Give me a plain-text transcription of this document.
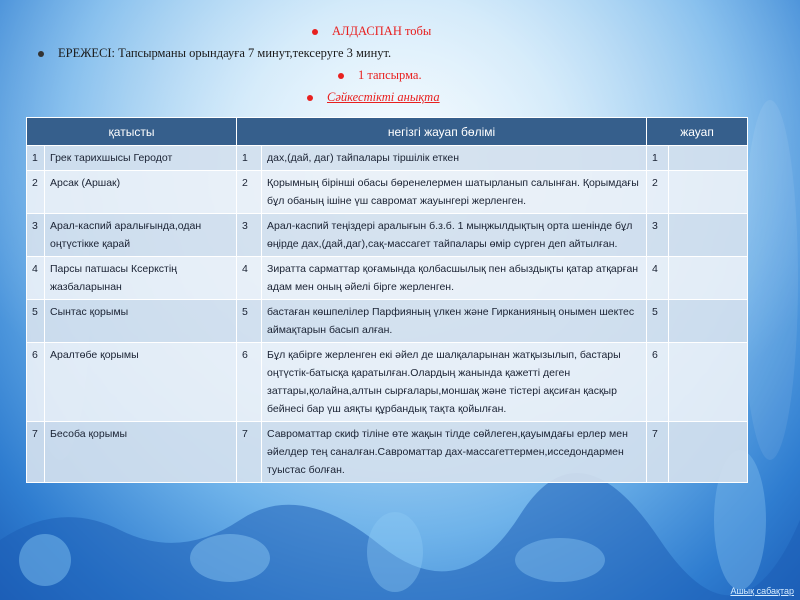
АЛДАСПАН тобы
ЕРЕЖЕСІ: Тапсырманы орындауға 7 минут,тексеруге 3 минут.
1 тапсырма.
Сәйкестікті анықта
қатысты		негізгі жауап бөлімі		жауап	
1	Грек тарихшысы Геродот	1	дах,(дай, даг) тайпалары тіршілік еткен	1	
2	Арсак (Аршак)	2	Қорымның бірінші обасы бөренелермен шатырланып салынған. Қорымдағы бұл обаның ішіне үш савромат жауынгері жерленген.	2	
3	Арал-каспий аралығында,одан оңтүстікке қарай	3	Арал-каспий теңіздері аралығын б.з.б. 1 мыңжылдықтың орта шенінде бұл өңірде дах,(дай,даг),сақ-массагет тайпалары өмір сүрген деп айтылған.	3	
4	Парсы патшасы Ксеркстің жазбаларынан	4	Зиратта сарматтар қоғамында қолбасшылық пен абыздықты қатар атқарған адам мен оның әйелі бірге жерленген.	4	
5	Сынтас қорымы	5	бастаған көшпелілер Парфияның үлкен және Гирканияның онымен шектес аймақтарын басып алған.	5	
6	Аралтөбе қорымы	6	Бұл қабірге жерленген екі әйел де шалқаларынан жатқызылып, бастары оңтүстік-батысқа қаратылған.Олардың жанында қажетті деген заттары,қолайна,алтын сырғалары,моншақ және тістері ақсиған қасқыр бейнесі бар үш аяқты құрбандық тақта қойылған.	6	
7	Бесоба қорымы	7	Савроматтар скиф тіліне өте жақын тілде сөйлеген,қауымдағы ерлер мен әйелдер тең саналған.Савроматтар дах-массагеттермен,исседондармен туыстас болған.	7	
Ашық сабақтар
